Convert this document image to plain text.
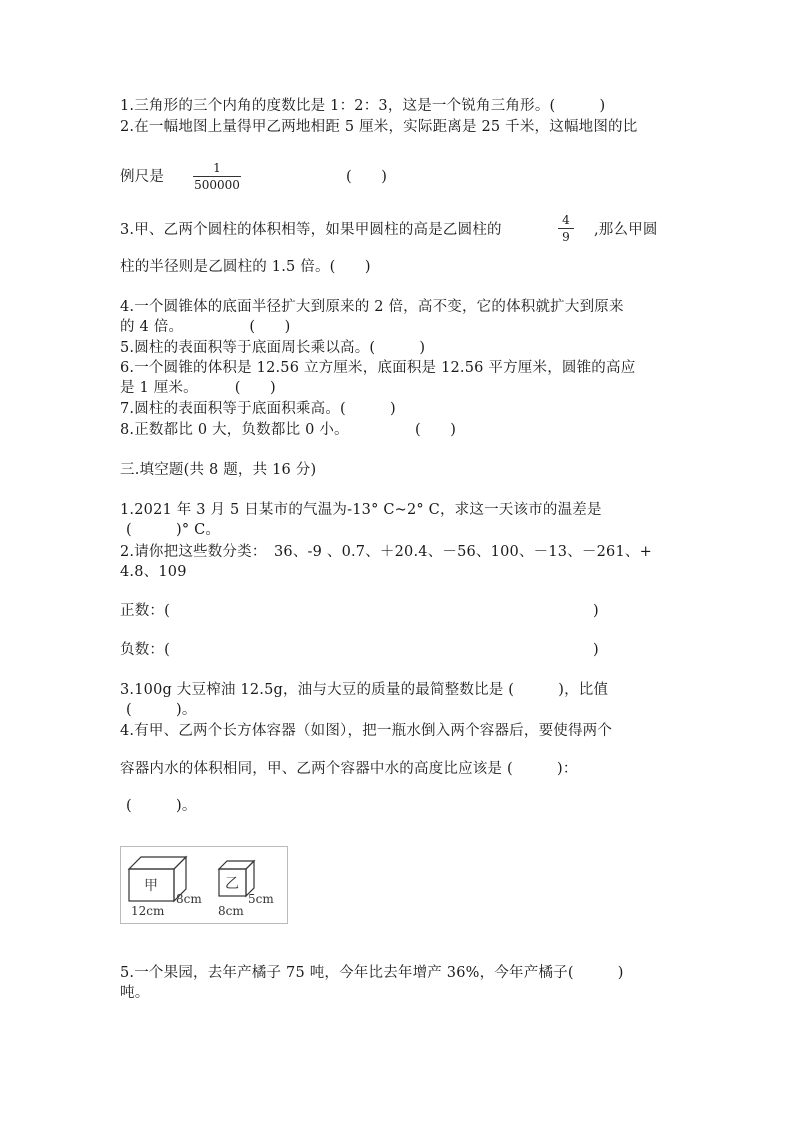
1.三角形的三个内角的度数比是 1：2：3，这是一个锐角三角形。(　　　)
2.在一幅地图上量得甲乙两地相距 5 厘米，实际距离是 25 千米，这幅地图的比
例尺是
1
500000	(　　)
3.甲、乙两个圆柱的体积相等，如果甲圆柱的高是乙圆柱的
4
9 ,那么甲圆
柱的半径则是乙圆柱的 1.5 倍。(　　)
4.一个圆锥体的底面半径扩大到原来的 2 倍，高不变，它的体积就扩大到原来
的 4 倍。　　　　　(　　)
5.圆柱的表面积等于底面周长乘以高。(　　　)
6.一个圆锥的体积是 12.56 立方厘米，底面积是 12.56 平方厘米，圆锥的高应
是 1 厘米。　　　(　　)
7.圆柱的表面积等于底面积乘高。(　　　)
8.正数都比 0 大，负数都比 0 小。　　　　　(　　)
三.填空题(共 8 题，共 16 分)
1.2021 年 3 月 5 日某市的气温为-13° C~2° C，求这一天该市的温差是
(　　　)° C。
2.请你把这些数分类：　36、-9 、0.7、＋20.4、－56、100、－13、－261、+
4.8、109
正数：(	)
负数：(	)
3.100g 大豆榨油 12.5g，油与大豆的质量的最简整数比是 (　　　)，比值
(　　　)。
4.有甲、乙两个长方体容器（如图），把一瓶水倒入两个容器后，要使得两个
容器内水的体积相同，甲、乙两个容器中水的高度比应该是 (　　　)：
(　　　)。
甲
8cm
12cm
乙
5cm
8cm
5.一个果园，去年产橘子 75 吨，今年比去年增产 36%，今年产橘子(　　　)
吨。
